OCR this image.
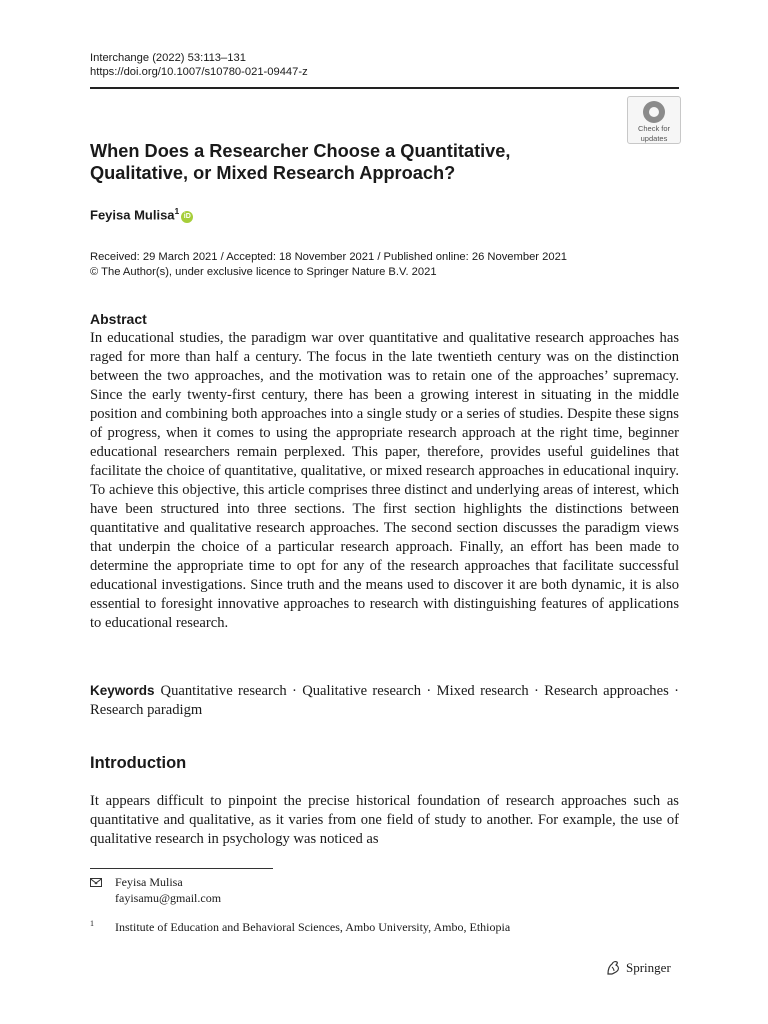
Interchange (2022) 53:113–131
https://doi.org/10.1007/s10780-021-09447-z
Check for
updates
When Does a Researcher Choose a Quantitative,
Qualitative, or Mixed Research Approach?
Feyisa Mulisa$^1$iD
Received: 29 March 2021 / Accepted: 18 November 2021 / Published online: 26 November 2021
© The Author(s), under exclusive licence to Springer Nature B.V. 2021
Abstract
In educational studies, the paradigm war over quantitative and qualitative research approaches has raged for more than half a century. The focus in the late twentieth century was on the distinction between the two approaches, and the motivation was to retain one of the approaches’ supremacy. Since the early twenty-first century, there has been a growing interest in situating in the middle position and combining both approaches into a single study or a series of studies. Despite these signs of progress, when it comes to using the appropriate research approach at the right time, beginner educational researchers remain perplexed. This paper, therefore, provides useful guidelines that facilitate the choice of quantitative, qualitative, or mixed research approaches in educational inquiry. To achieve this objective, this article comprises three distinct and underlying areas of interest, which have been structured into three sections. The first section highlights the distinctions between quantitative and qualitative research approaches. The second section discusses the paradigm views that underpin the choice of a particular research approach. Finally, an effort has been made to determine the appropriate time to opt for any of the research approaches that facilitate successful educational investigations. Since truth and the means used to discover it are both dynamic, it is also essential to foresight innovative approaches to research with distinguishing features of applications to educational research.
Keywords Quantitative research · Qualitative research · Mixed research · Research approaches · Research paradigm
Introduction
It appears difficult to pinpoint the precise historical foundation of research approaches such as quantitative and qualitative, as it varies from one field of study to another. For example, the use of qualitative research in psychology was noticed as
Feyisa Mulisa
fayisamu@gmail.com
1 Institute of Education and Behavioral Sciences, Ambo University, Ambo, Ethiopia
Springer
